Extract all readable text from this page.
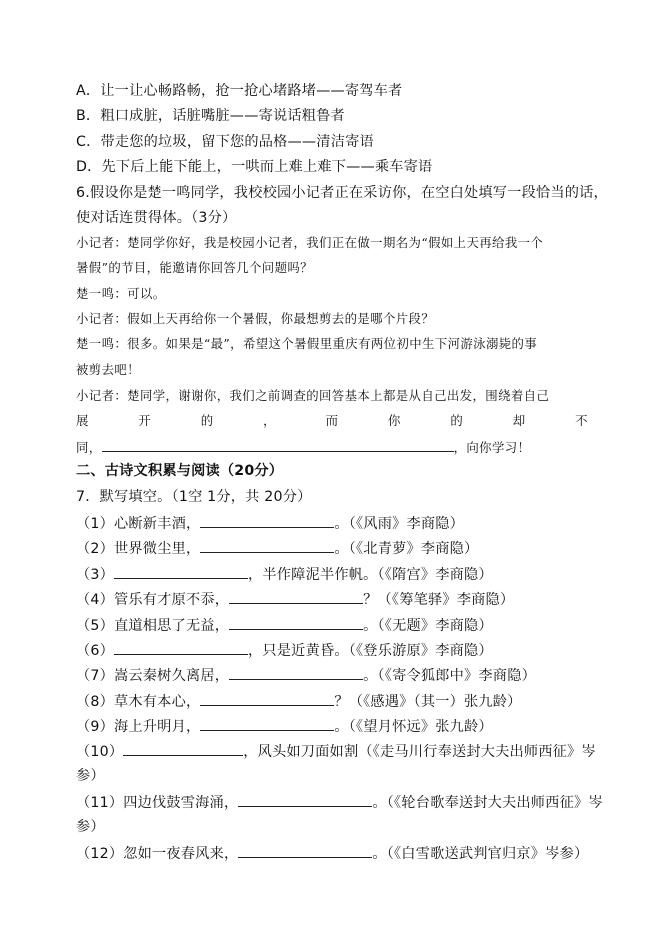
A．让一让心畅路畅，抢一抢心堵路堵——寄驾车者
B．粗口成脏，话脏嘴脏——寄说话粗鲁者
C．带走您的垃圾，留下您的品格——清洁寄语
D．先下后上能下能上，一哄而上难上难下——乘车寄语
6.假设你是楚一鸣同学，我校校园小记者正在采访你，在空白处填写一段恰当的话，
使对话连贯得体。（3分）
小记者：楚同学你好，我是校园小记者，我们正在做一期名为“假如上天再给我一个
暑假”的节目，能邀请你回答几个问题吗？
楚一鸣：可以。
小记者：假如上天再给你一个暑假，你最想剪去的是哪个片段？
楚一鸣：很多。如果是“最”，希望这个暑假里重庆有两位初中生下河游泳溺毙的事
被剪去吧！
小记者：楚同学，谢谢你，我们之前调查的回答基本上都是从自己出发，围绕着自己
展	开	的	，	而	你	的	却	不
同，	，向你学习！
二、古诗文积累与阅读（20分）
7．默写填空。（1空 1分，共 20分）
（1）心断新丰酒，	。（《风雨》李商隐）
（2）世界微尘里，	。（《北青萝》李商隐）
（3）	，半作障泥半作帆。（《隋宫》李商隐）
（4）管乐有才原不忝，	？（《筹笔驿》李商隐）
（5）直道相思了无益，	。（《无题》李商隐）
（6）	，只是近黄昏。（《登乐游原》李商隐）
（7）嵩云秦树久离居，	。（《寄令狐郎中》李商隐）
（8）草木有本心，	？（《感遇》（其一）张九龄）
（9）海上升明月，	。（《望月怀远》张九龄）
（10）	，风头如刀面如割（《走马川行奉送封大夫出师西征》岑
参）
（11）四边伐鼓雪海涌，	。（《轮台歌奉送封大夫出师西征》岑
参）
（12）忽如一夜春风来，	。（《白雪歌送武判官归京》岑参）
